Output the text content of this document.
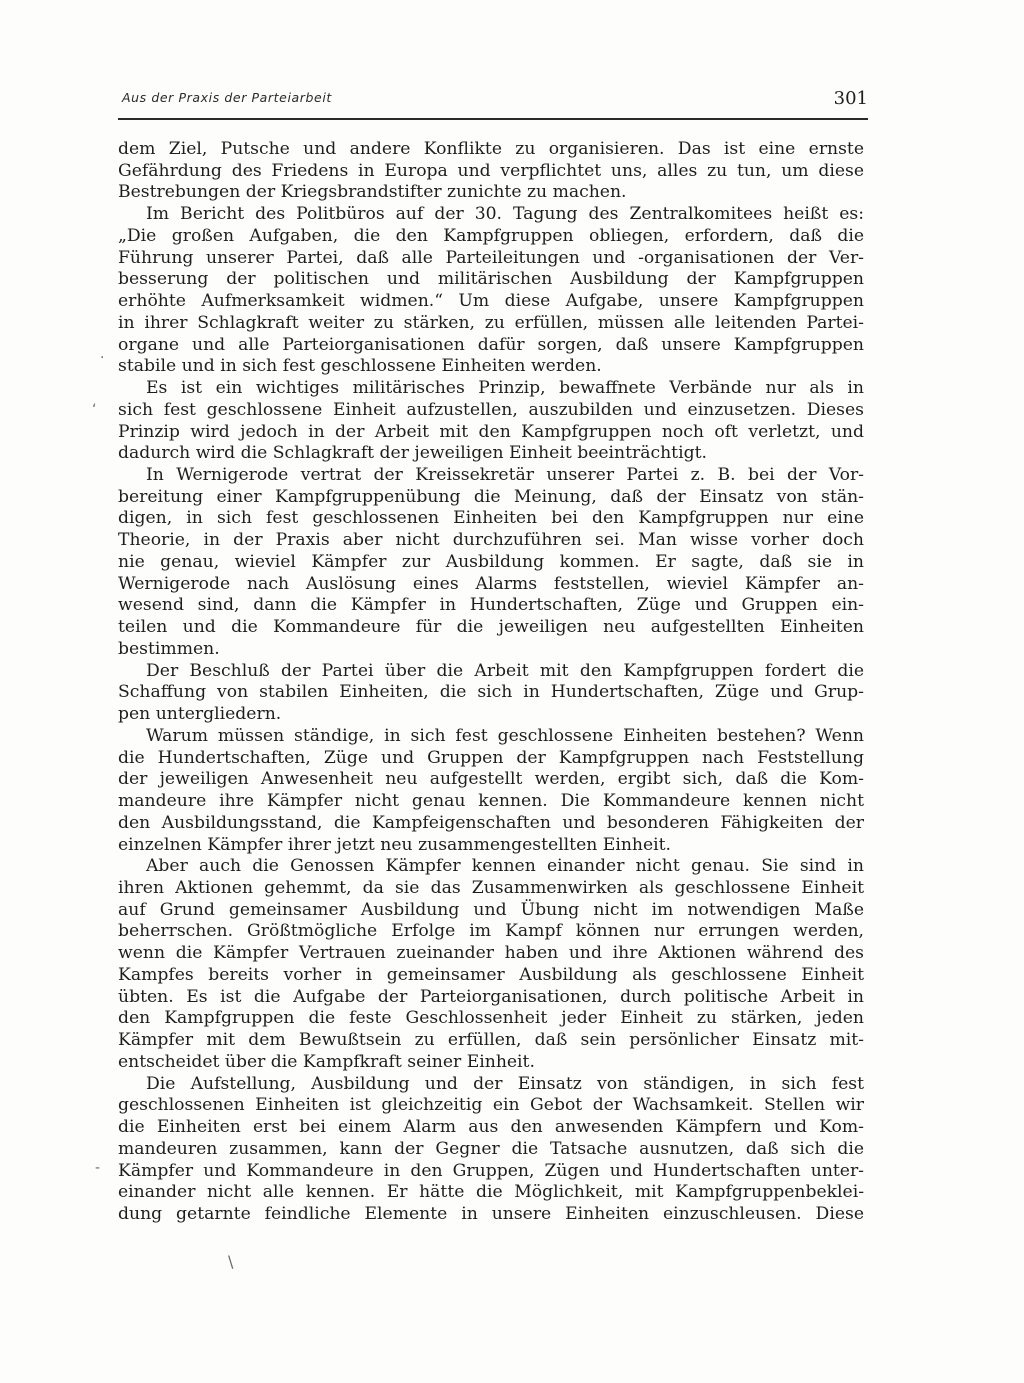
Aus der Praxis der Parteiarbeit	301
dem Ziel, Putsche und andere Konflikte zu organisieren. Das ist eine ernste
Gefährdung des Friedens in Europa und verpflichtet uns, alles zu tun, um diese
Bestrebungen der Kriegsbrandstifter zunichte zu machen.
Im Bericht des Politbüros auf der 30. Tagung des Zentralkomitees heißt es:
„Die großen Aufgaben, die den Kampfgruppen obliegen, erfordern, daß die
Führung unserer Partei, daß alle Parteileitungen und -organisationen der Ver-
besserung der politischen und militärischen Ausbildung der Kampfgruppen
erhöhte Aufmerksamkeit widmen.“ Um diese Aufgabe, unsere Kampfgruppen
in ihrer Schlagkraft weiter zu stärken, zu erfüllen, müssen alle leitenden Partei-
organe und alle Parteiorganisationen dafür sorgen, daß unsere Kampfgruppen
stabile und in sich fest geschlossene Einheiten werden.
Es ist ein wichtiges militärisches Prinzip, bewaffnete Verbände nur als in
sich fest geschlossene Einheit aufzustellen, auszubilden und einzusetzen. Dieses
Prinzip wird jedoch in der Arbeit mit den Kampfgruppen noch oft verletzt, und
dadurch wird die Schlagkraft der jeweiligen Einheit beeinträchtigt.
In Wernigerode vertrat der Kreissekretär unserer Partei z. B. bei der Vor-
bereitung einer Kampfgruppenübung die Meinung, daß der Einsatz von stän-
digen, in sich fest geschlossenen Einheiten bei den Kampfgruppen nur eine
Theorie, in der Praxis aber nicht durchzuführen sei. Man wisse vorher doch
nie genau, wieviel Kämpfer zur Ausbildung kommen. Er sagte, daß sie in
Wernigerode nach Auslösung eines Alarms feststellen, wieviel Kämpfer an-
wesend sind, dann die Kämpfer in Hundertschaften, Züge und Gruppen ein-
teilen und die Kommandeure für die jeweiligen neu aufgestellten Einheiten
bestimmen.
Der Beschluß der Partei über die Arbeit mit den Kampfgruppen fordert die
Schaffung von stabilen Einheiten, die sich in Hundertschaften, Züge und Grup-
pen untergliedern.
Warum müssen ständige, in sich fest geschlossene Einheiten bestehen? Wenn
die Hundertschaften, Züge und Gruppen der Kampfgruppen nach Feststellung
der jeweiligen Anwesenheit neu aufgestellt werden, ergibt sich, daß die Kom-
mandeure ihre Kämpfer nicht genau kennen. Die Kommandeure kennen nicht
den Ausbildungsstand, die Kampfeigenschaften und besonderen Fähigkeiten der
einzelnen Kämpfer ihrer jetzt neu zusammengestellten Einheit.
Aber auch die Genossen Kämpfer kennen einander nicht genau. Sie sind in
ihren Aktionen gehemmt, da sie das Zusammenwirken als geschlossene Einheit
auf Grund gemeinsamer Ausbildung und Übung nicht im notwendigen Maße
beherrschen. Größtmögliche Erfolge im Kampf können nur errungen werden,
wenn die Kämpfer Vertrauen zueinander haben und ihre Aktionen während des
Kampfes bereits vorher in gemeinsamer Ausbildung als geschlossene Einheit
übten. Es ist die Aufgabe der Parteiorganisationen, durch politische Arbeit in
den Kampfgruppen die feste Geschlossenheit jeder Einheit zu stärken, jeden
Kämpfer mit dem Bewußtsein zu erfüllen, daß sein persönlicher Einsatz mit-
entscheidet über die Kampfkraft seiner Einheit.
Die Aufstellung, Ausbildung und der Einsatz von ständigen, in sich fest
geschlossenen Einheiten ist gleichzeitig ein Gebot der Wachsamkeit. Stellen wir
die Einheiten erst bei einem Alarm aus den anwesenden Kämpfern und Kom-
mandeuren zusammen, kann der Gegner die Tatsache ausnutzen, daß sich die
Kämpfer und Kommandeure in den Gruppen, Zügen und Hundertschaften unter-
einander nicht alle kennen. Er hätte die Möglichkeit, mit Kampfgruppenbeklei-
dung getarnte feindliche Elemente in unsere Einheiten einzuschleusen. Diese
.
‘
-
\
